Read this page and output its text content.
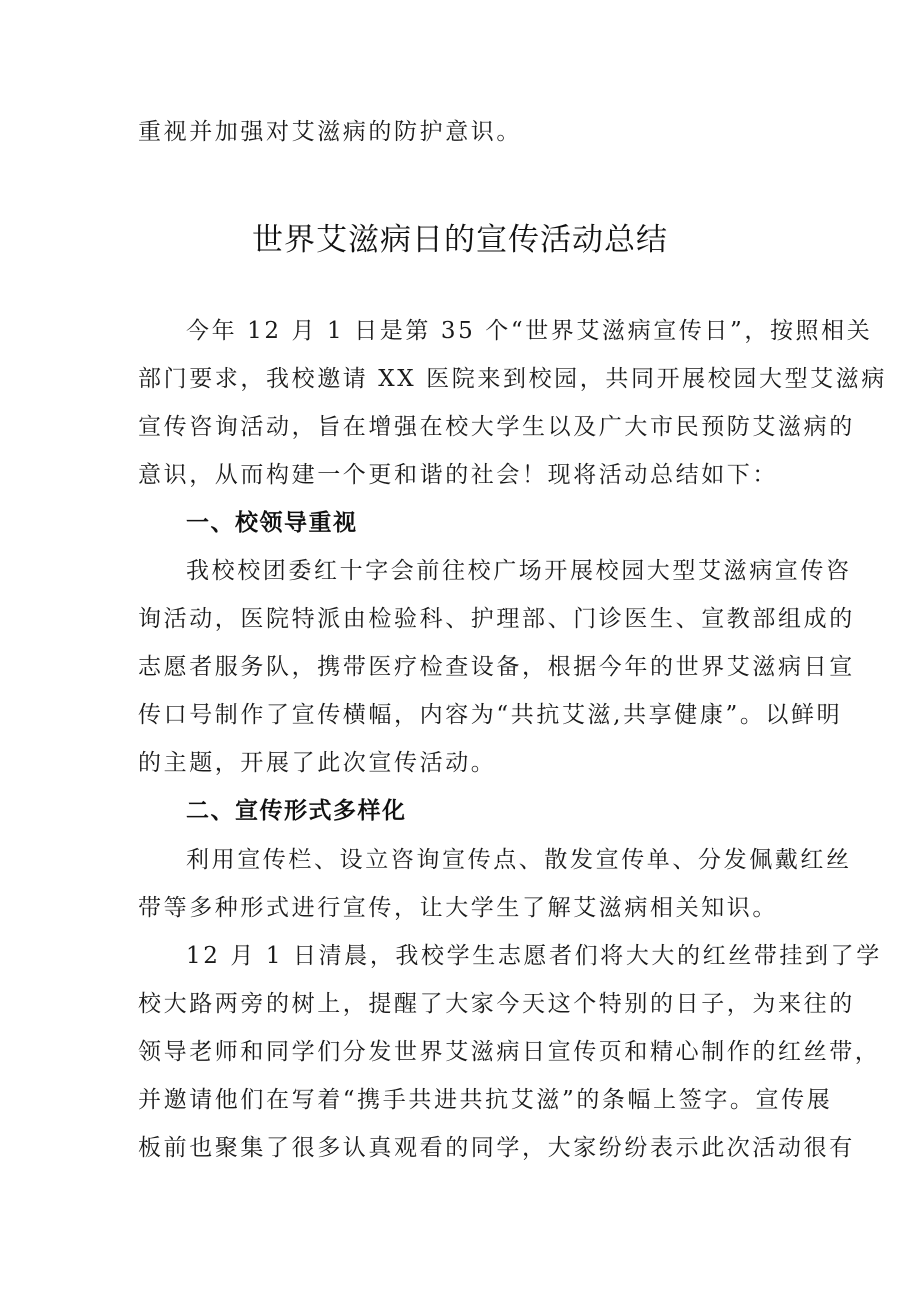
重视并加强对艾滋病的防护意识。
世界艾滋病日的宣传活动总结
今年 12 月 1 日是第 35 个“世界艾滋病宣传日”，按照相关
部门要求，我校邀请 XX 医院来到校园，共同开展校园大型艾滋病
宣传咨询活动，旨在增强在校大学生以及广大市民预防艾滋病的
意识，从而构建一个更和谐的社会！现将活动总结如下：
一、校领导重视
我校校团委红十字会前往校广场开展校园大型艾滋病宣传咨
询活动，医院特派由检验科、护理部、门诊医生、宣教部组成的
志愿者服务队，携带医疗检查设备，根据今年的世界艾滋病日宣
传口号制作了宣传横幅，内容为“共抗艾滋,共享健康”。以鲜明
的主题，开展了此次宣传活动。
二、宣传形式多样化
利用宣传栏、设立咨询宣传点、散发宣传单、分发佩戴红丝
带等多种形式进行宣传，让大学生了解艾滋病相关知识。
12 月 1 日清晨，我校学生志愿者们将大大的红丝带挂到了学
校大路两旁的树上，提醒了大家今天这个特别的日子，为来往的
领导老师和同学们分发世界艾滋病日宣传页和精心制作的红丝带，
并邀请他们在写着“携手共进共抗艾滋”的条幅上签字。宣传展
板前也聚集了很多认真观看的同学，大家纷纷表示此次活动很有
